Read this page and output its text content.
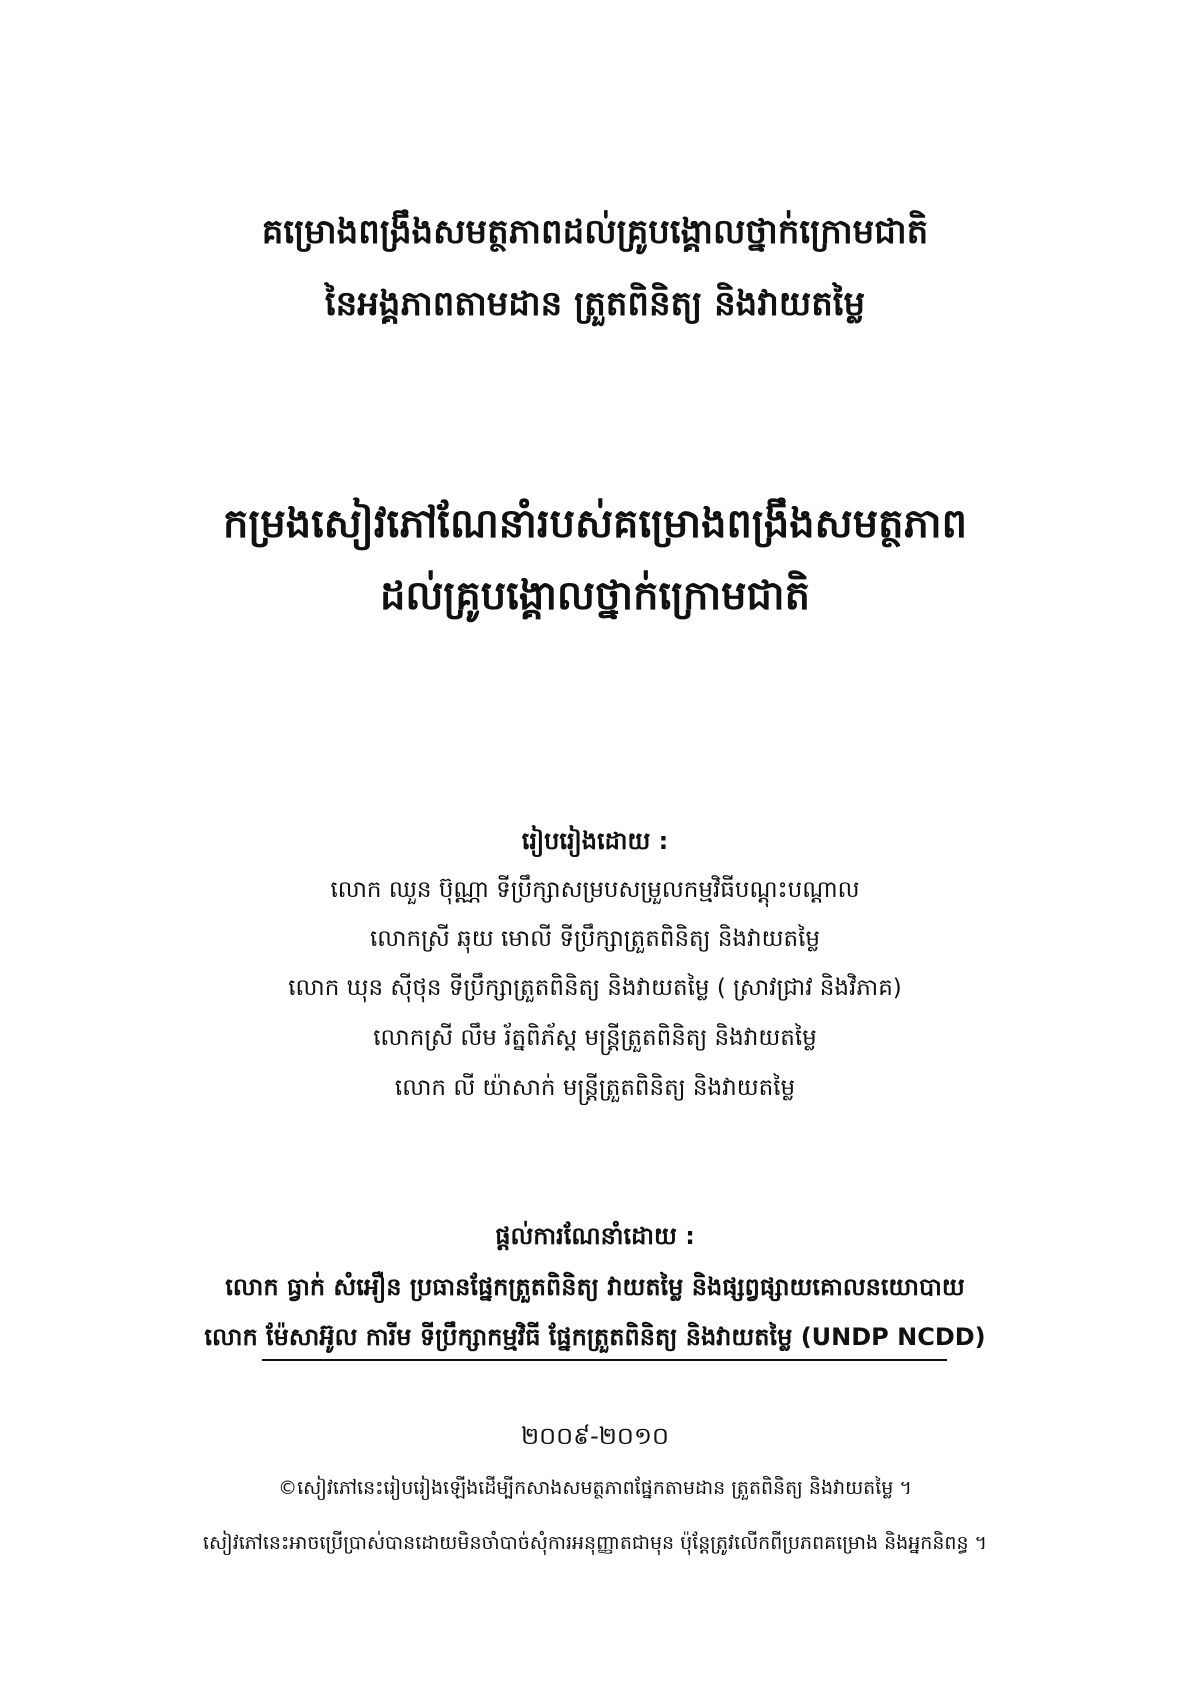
គម្រោងពង្រឹងសមត្ថភាពដល់គ្រូបង្គោលថ្នាក់ក្រោមជាតិ
នៃអង្គភាពតាមដាន ត្រួតពិនិត្យ និងវាយតម្លៃ
កម្រងសៀវភៅណែនាំរបស់គម្រោងពង្រឹងសមត្ថភាព
ដល់គ្រូបង្គោលថ្នាក់ក្រោមជាតិ
រៀបរៀងដោយ :
លោក ឈួន ប៊ុណ្ណា ទីប្រឹក្សាសម្របសម្រួលកម្មវិធីបណ្តុះបណ្តាល
លោកស្រី ឆុយ មោលី ទីប្រឹក្សាត្រួតពិនិត្យ និងវាយតម្លៃ
លោក ឃុន ស៊ីថុន ទីប្រឹក្សាត្រួតពិនិត្យ និងវាយតម្លៃ ( ស្រាវជ្រាវ និងវិភាគ)
លោកស្រី លឹម រ័ត្នពិភ័ស្ត មន្ត្រីត្រួតពិនិត្យ និងវាយតម្លៃ
លោក លី យ៉ាសាក់ មន្ត្រីត្រួតពិនិត្យ និងវាយតម្លៃ
ផ្តល់ការណែនាំដោយ :
លោក ធ្វាក់ សំអឿន ប្រធានផ្នែកត្រួតពិនិត្យ វាយតម្លៃ និងផ្សព្វផ្សាយគោលនយោបាយ
លោក ម៉ែសាអ៊ូល ការីម ទីប្រឹក្សាកម្មវិធី ផ្នែកត្រួតពិនិត្យ និងវាយតម្លៃ (UNDP NCDD)
២០០៩-២០១០
©សៀវភៅនេះរៀបរៀងឡើងដើម្បីកសាងសមត្ថភាពផ្នែកតាមដាន ត្រួតពិនិត្យ និងវាយតម្លៃ ។
សៀវភៅនេះអាចប្រើប្រាស់បានដោយមិនចាំបាច់សុំការអនុញ្ញាតជាមុន ប៉ុន្តែត្រូវលើកពីប្រភពគម្រោង និងអ្នកនិពន្ធ ។
